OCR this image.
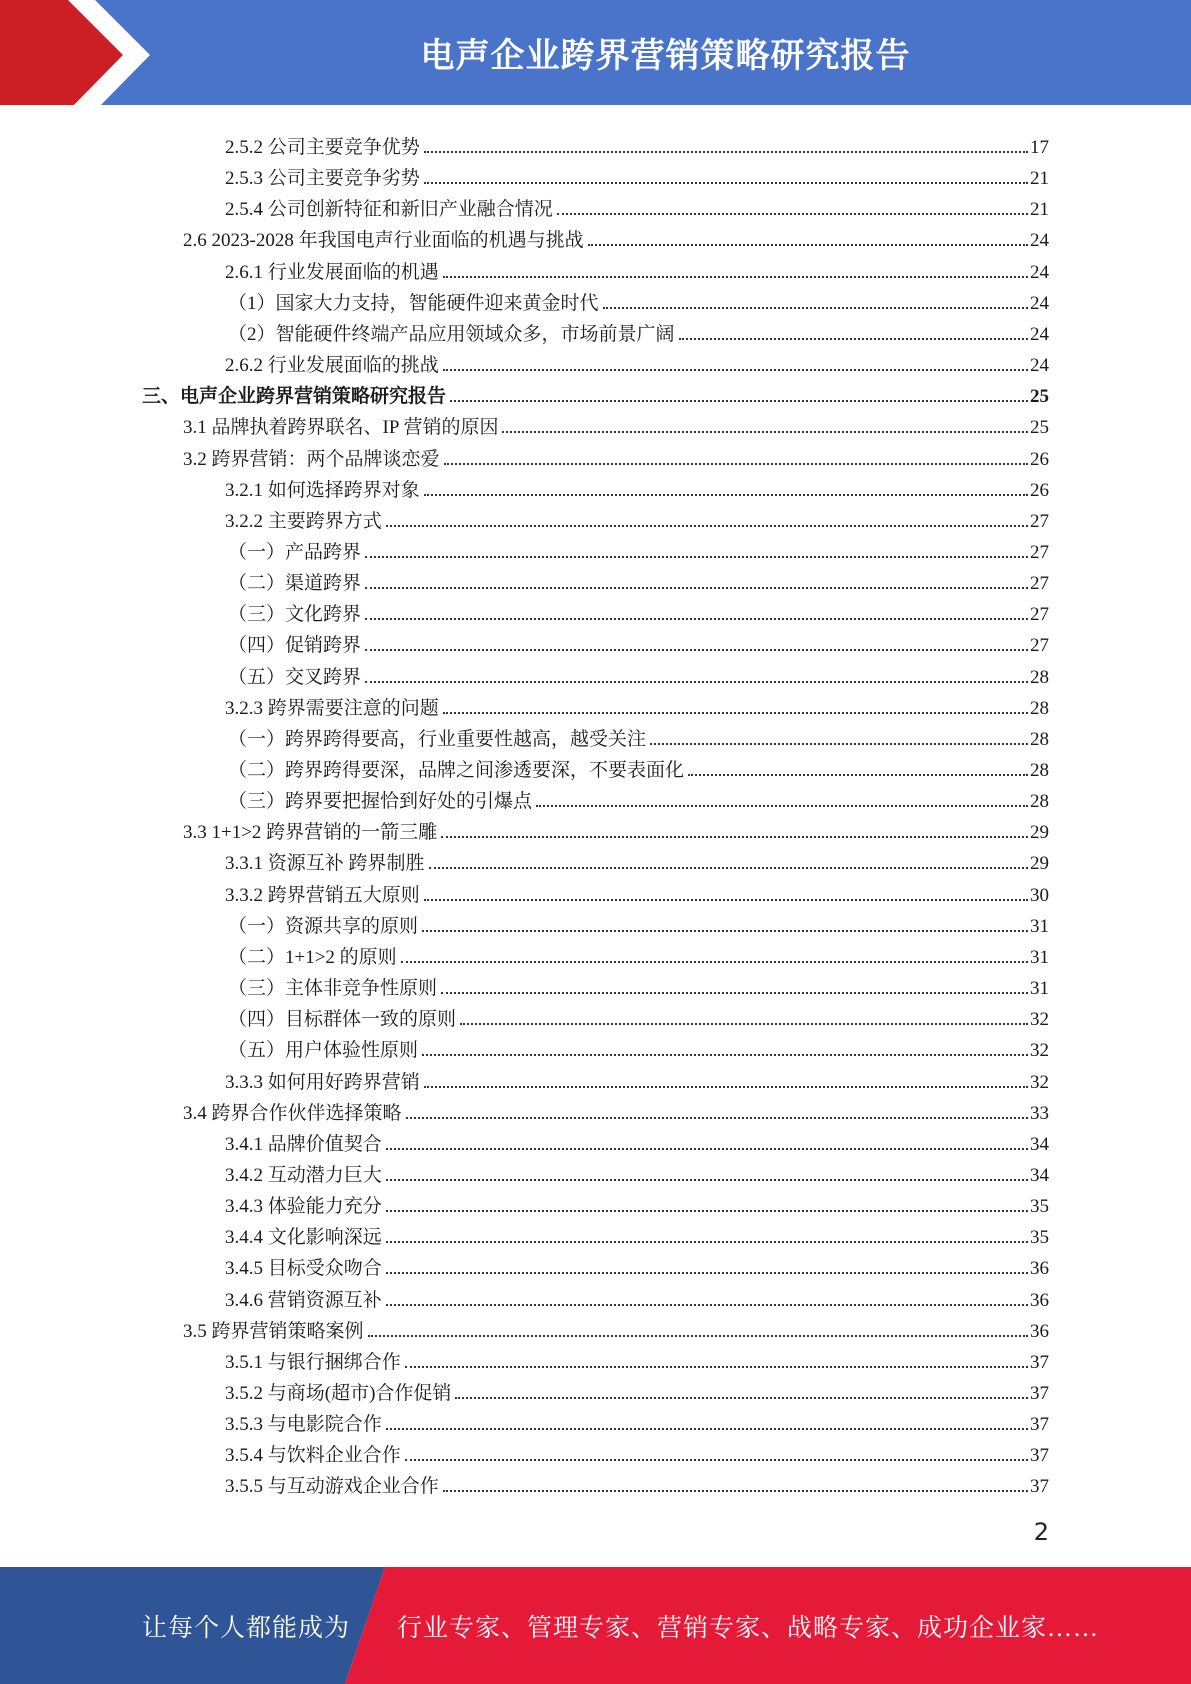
电声企业跨界营销策略研究报告
2.5.2 公司主要竞争优势	17
2.5.3 公司主要竞争劣势	21
2.5.4 公司创新特征和新旧产业融合情况	21
2.6 2023-2028 年我国电声行业面临的机遇与挑战	24
2.6.1 行业发展面临的机遇	24
（1）国家大力支持，智能硬件迎来黄金时代	24
（2）智能硬件终端产品应用领域众多，市场前景广阔	24
2.6.2 行业发展面临的挑战	24
三、电声企业跨界营销策略研究报告	25
3.1 品牌执着跨界联名、IP 营销的原因	25
3.2 跨界营销：两个品牌谈恋爱	26
3.2.1 如何选择跨界对象	26
3.2.2 主要跨界方式	27
（一）产品跨界	27
（二）渠道跨界	27
（三）文化跨界	27
（四）促销跨界	27
（五）交叉跨界	28
3.2.3 跨界需要注意的问题	28
（一）跨界跨得要高，行业重要性越高，越受关注	28
（二）跨界跨得要深，品牌之间渗透要深，不要表面化	28
（三）跨界要把握恰到好处的引爆点	28
3.3 1+1>2 跨界营销的一箭三雕	29
3.3.1 资源互补 跨界制胜	29
3.3.2 跨界营销五大原则	30
（一）资源共享的原则	31
（二）1+1>2 的原则	31
（三）主体非竞争性原则	31
（四）目标群体一致的原则	32
（五）用户体验性原则	32
3.3.3 如何用好跨界营销	32
3.4 跨界合作伙伴选择策略	33
3.4.1 品牌价值契合	34
3.4.2 互动潜力巨大	34
3.4.3 体验能力充分	35
3.4.4 文化影响深远	35
3.4.5 目标受众吻合	36
3.4.6 营销资源互补	36
3.5 跨界营销策略案例	36
3.5.1 与银行捆绑合作	37
3.5.2 与商场(超市)合作促销	37
3.5.3 与电影院合作	37
3.5.4 与饮料企业合作	37
3.5.5 与互动游戏企业合作	37
2
让每个人都能成为 行业专家、管理专家、营销专家、战略专家、成功企业家……
